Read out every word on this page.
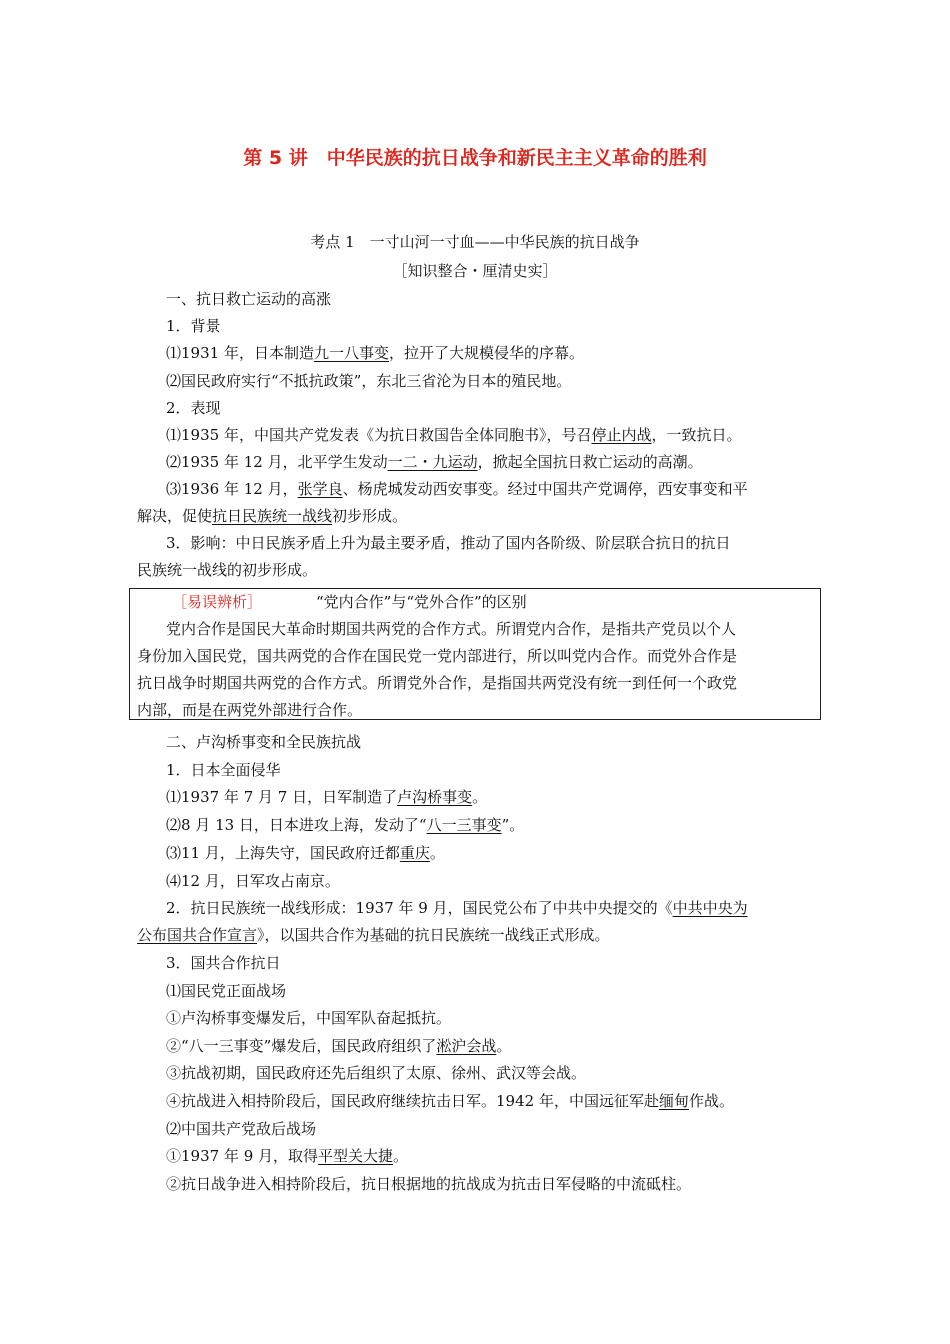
第 5 讲　中华民族的抗日战争和新民主主义革命的胜利
考点 1　一寸山河一寸血——中华民族的抗日战争
［知识整合・厘清史实］
一、抗日救亡运动的高涨
1．背景
⑴1931 年，日本制造九一八事变，拉开了大规模侵华的序幕。
⑵国民政府实行“不抵抗政策”，东北三省沦为日本的殖民地。
2．表现
⑴1935 年，中国共产党发表《为抗日救国告全体同胞书》，号召停止内战，一致抗日。
⑵1935 年 12 月，北平学生发动一二・九运动，掀起全国抗日救亡运动的高潮。
⑶1936 年 12 月，张学良、杨虎城发动西安事变。经过中国共产党调停，西安事变和平
解决，促使抗日民族统一战线初步形成。
3．影响：中日民族矛盾上升为最主要矛盾，推动了国内各阶级、阶层联合抗日的抗日
民族统一战线的初步形成。
［易误辨析］	“党内合作”与“党外合作”的区别
党内合作是国民大革命时期国共两党的合作方式。所谓党内合作，是指共产党员以个人
身份加入国民党，国共两党的合作在国民党一党内部进行，所以叫党内合作。而党外合作是
抗日战争时期国共两党的合作方式。所谓党外合作，是指国共两党没有统一到任何一个政党
内部，而是在两党外部进行合作。
二、卢沟桥事变和全民族抗战
1．日本全面侵华
⑴1937 年 7 月 7 日，日军制造了卢沟桥事变。
⑵8 月 13 日，日本进攻上海，发动了“八一三事变”。
⑶11 月，上海失守，国民政府迁都重庆。
⑷12 月，日军攻占南京。
2．抗日民族统一战线形成：1937 年 9 月，国民党公布了中共中央提交的《中共中央为
公布国共合作宣言》，以国共合作为基础的抗日民族统一战线正式形成。
3．国共合作抗日
⑴国民党正面战场
①卢沟桥事变爆发后，中国军队奋起抵抗。
②“八一三事变”爆发后，国民政府组织了淞沪会战。
③抗战初期，国民政府还先后组织了太原、徐州、武汉等会战。
④抗战进入相持阶段后，国民政府继续抗击日军。1942 年，中国远征军赴缅甸作战。
⑵中国共产党敌后战场
①1937 年 9 月，取得平型关大捷。
②抗日战争进入相持阶段后，抗日根据地的抗战成为抗击日军侵略的中流砥柱。
